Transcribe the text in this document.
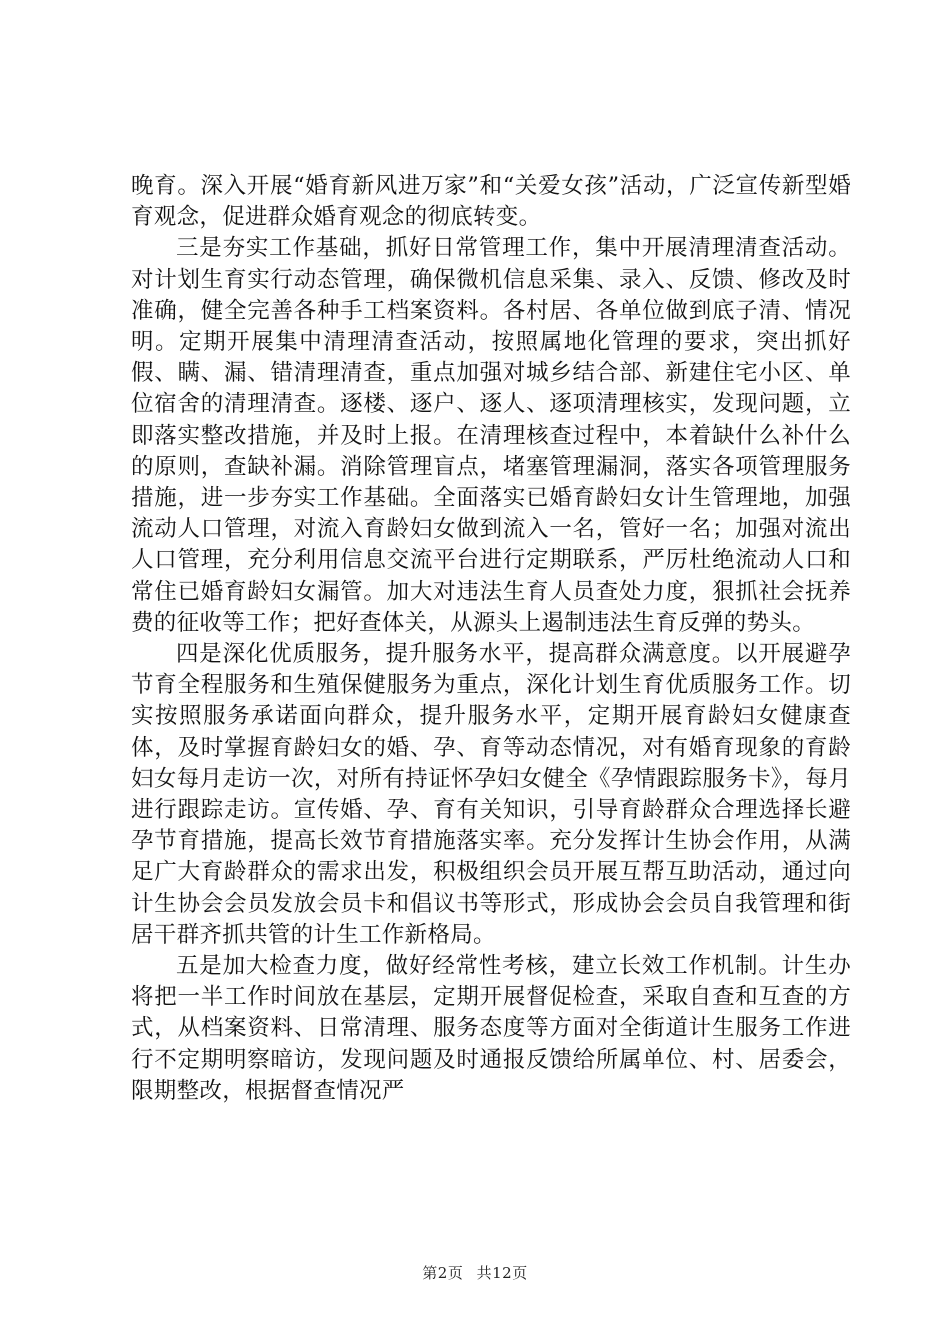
晚育。深入开展“婚育新风进万家”和“关爱女孩”活动，广泛宣传新型婚育观念，促进群众婚育观念的彻底转变。

三是夯实工作基础，抓好日常管理工作，集中开展清理清查活动。对计划生育实行动态管理，确保微机信息采集、录入、反馈、修改及时准确，健全完善各种手工档案资料。各村居、各单位做到底子清、情况明。定期开展集中清理清查活动，按照属地化管理的要求，突出抓好假、瞒、漏、错清理清查，重点加强对城乡结合部、新建住宅小区、单位宿舍的清理清查。逐楼、逐户、逐人、逐项清理核实，发现问题，立即落实整改措施，并及时上报。在清理核查过程中，本着缺什么补什么的原则，查缺补漏。消除管理盲点，堵塞管理漏洞，落实各项管理服务措施，进一步夯实工作基础。全面落实已婚育龄妇女计生管理地，加强流动人口管理，对流入育龄妇女做到流入一名，管好一名；加强对流出人口管理，充分利用信息交流平台进行定期联系，严厉杜绝流动人口和常住已婚育龄妇女漏管。加大对违法生育人员查处力度，狠抓社会抚养费的征收等工作；把好查体关，从源头上遏制违法生育反弹的势头。

四是深化优质服务，提升服务水平，提高群众满意度。以开展避孕节育全程服务和生殖保健服务为重点，深化计划生育优质服务工作。切实按照服务承诺面向群众，提升服务水平，定期开展育龄妇女健康查体，及时掌握育龄妇女的婚、孕、育等动态情况，对有婚育现象的育龄妇女每月走访一次，对所有持证怀孕妇女健全《孕情跟踪服务卡》，每月进行跟踪走访。宣传婚、孕、育有关知识，引导育龄群众合理选择长避孕节育措施，提高长效节育措施落实率。充分发挥计生协会作用，从满足广大育龄群众的需求出发，积极组织会员开展互帮互助活动，通过向计生协会会员发放会员卡和倡议书等形式，形成协会会员自我管理和街居干群齐抓共管的计生工作新格局。

五是加大检查力度，做好经常性考核，建立长效工作机制。计生办将把一半工作时间放在基层，定期开展督促检查，采取自查和互查的方式，从档案资料、日常清理、服务态度等方面对全街道计生服务工作进行不定期明察暗访，发现问题及时通报反馈给所属单位、村、居委会，限期整改，根据督查情况严

第2页 共12页
